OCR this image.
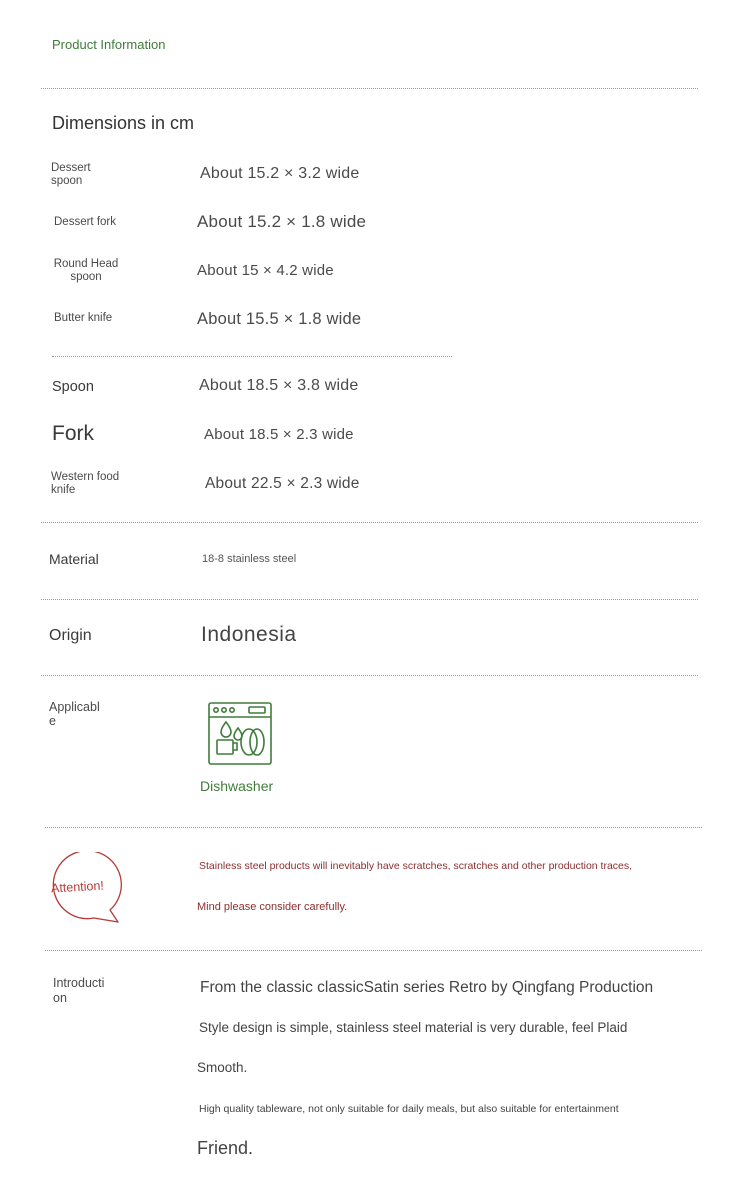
Product Information
Dimensions in cm
Dessert spoon	About 15.2 × 3.2 wide
Dessert fork	About 15.2 × 1.8 wide
Round Head spoon	About 15 × 4.2 wide
Butter knife	About 15.5 × 1.8 wide
Spoon	About 18.5 × 3.8 wide
Fork	About 18.5 × 2.3 wide
Western food knife	About 22.5 × 2.3 wide
Material	18-8 stainless steel
Origin	Indonesia
Applicable
Dishwasher
Attention!
Stainless steel products will inevitably have scratches, scratches and other production traces,
Mind please consider carefully.
Introduction
From the classic classicSatin series Retro by Qingfang Production
Style design is simple, stainless steel material is very durable, feel Plaid
Smooth.
High quality tableware, not only suitable for daily meals, but also suitable for entertainment
Friend.
